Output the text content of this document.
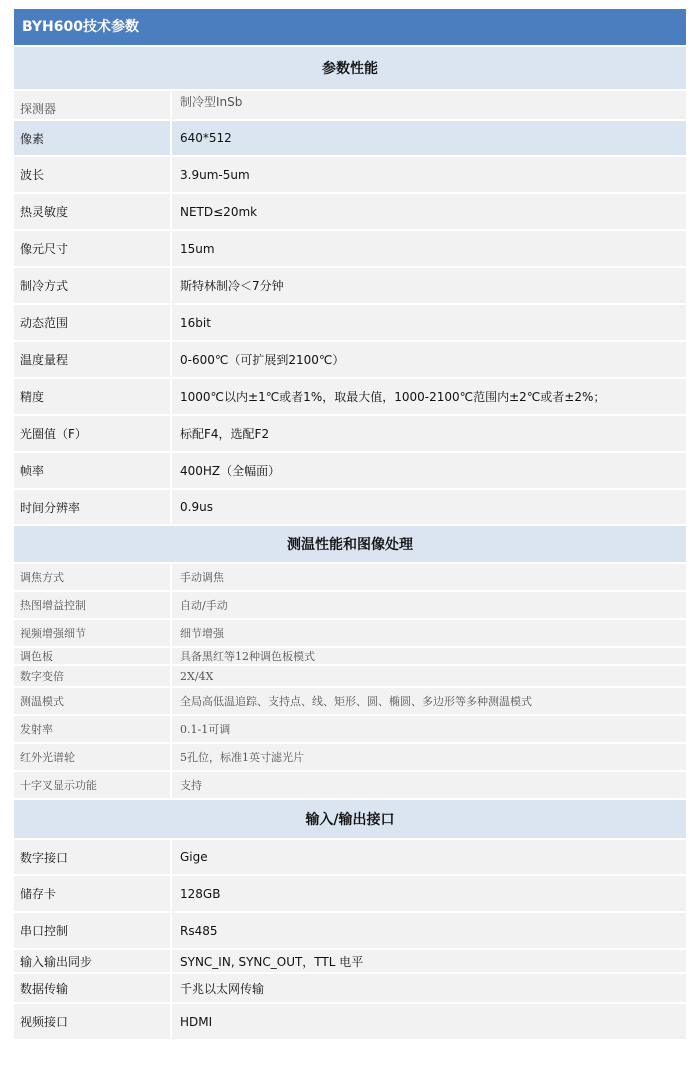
BYH600技术参数
参数性能
探测器	制冷型InSb
像素	640*512
波长	3.9um-5um
热灵敏度	NETD≤20mk
像元尺寸	15um
制冷方式	斯特林制冷＜7分钟
动态范围	16bit
温度量程	0-600℃（可扩展到2100℃）
精度	1000℃以内±1℃或者1%，取最大值，1000-2100℃范围内±2℃或者±2%；
光圈值（F）	标配F4，选配F2
帧率	400HZ（全幅面）
时间分辨率	0.9us
测温性能和图像处理
调焦方式	手动调焦
热图增益控制	自动/手动
视频增强细节	细节增强
调色板	具备黑红等12种调色板模式
数字变倍	2X/4X
测温模式	全局高低温追踪、支持点、线、矩形、圆、椭圆、多边形等多种测温模式
发射率	0.1-1可调
红外光谱轮	5孔位，标准1英寸滤光片
十字叉显示功能	支持
输入/输出接口
数字接口	Gige
储存卡	128GB
串口控制	Rs485
输入输出同步	SYNC_IN, SYNC_OUT，TTL 电平
数据传输	千兆以太网传输
视频接口	HDMI
